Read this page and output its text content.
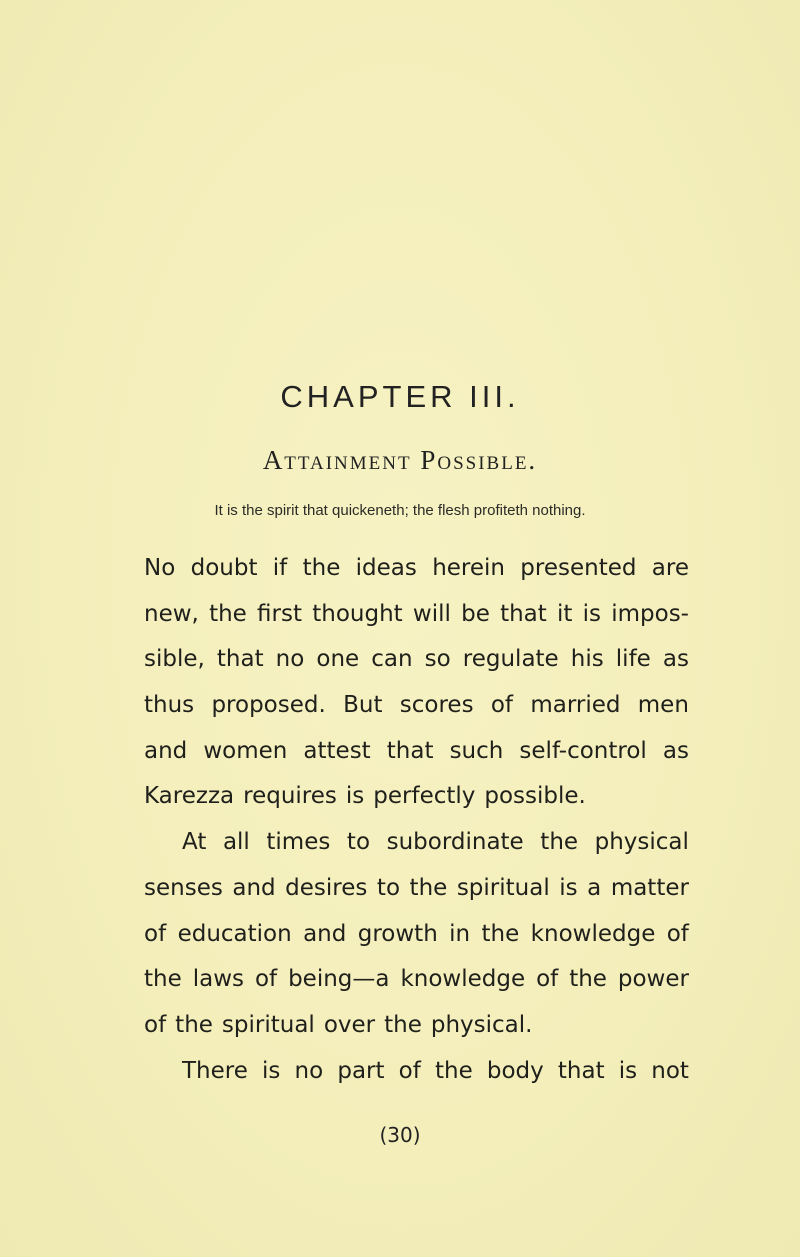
CHAPTER III.
Attainment Possible.
It is the spirit that quickeneth; the flesh profiteth nothing.
No doubt if the ideas herein presented are
new, the first thought will be that it is impos-
sible, that no one can so regulate his life as
thus proposed. But scores of married men
and women attest that such self-control as
Karezza requires is perfectly possible.
At all times to subordinate the physical
senses and desires to the spiritual is a matter
of education and growth in the knowledge of
the laws of being—a knowledge of the power
of the spiritual over the physical.
There is no part of the body that is not
(30)
